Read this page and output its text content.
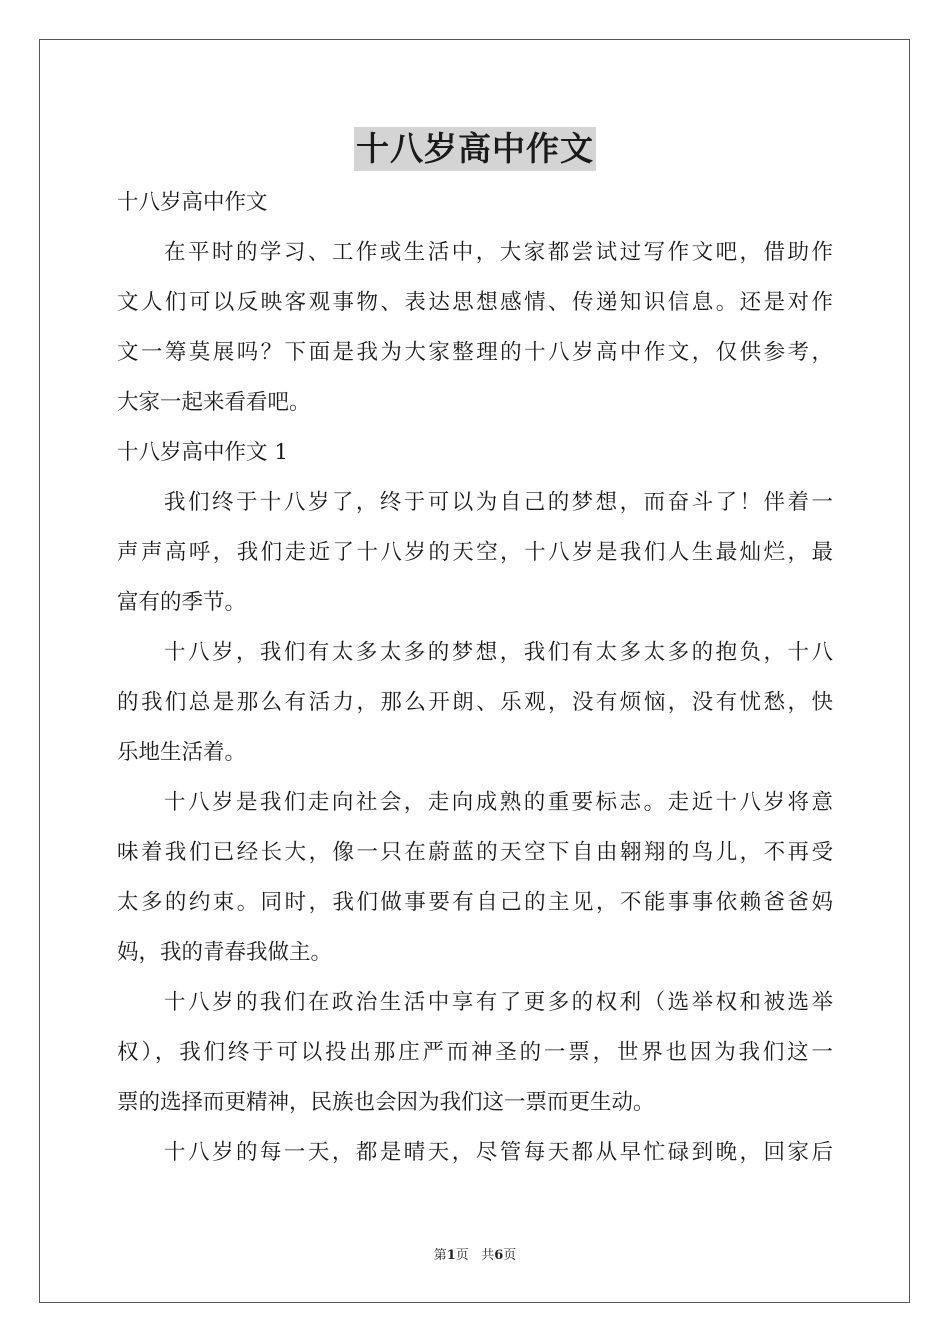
十八岁高中作文
十八岁高中作文
在平时的学习、工作或生活中，大家都尝试过写作文吧，借助作
文人们可以反映客观事物、表达思想感情、传递知识信息。还是对作
文一筹莫展吗？下面是我为大家整理的十八岁高中作文，仅供参考，
大家一起来看看吧。
十八岁高中作文 1
我们终于十八岁了，终于可以为自己的梦想，而奋斗了！伴着一
声声高呼，我们走近了十八岁的天空，十八岁是我们人生最灿烂，最
富有的季节。
十八岁，我们有太多太多的梦想，我们有太多太多的抱负，十八
的我们总是那么有活力，那么开朗、乐观，没有烦恼，没有忧愁，快
乐地生活着。
十八岁是我们走向社会，走向成熟的重要标志。走近十八岁将意
味着我们已经长大，像一只在蔚蓝的天空下自由翱翔的鸟儿，不再受
太多的约束。同时，我们做事要有自己的主见，不能事事依赖爸爸妈
妈，我的青春我做主。
十八岁的我们在政治生活中享有了更多的权利（选举权和被选举
权），我们终于可以投出那庄严而神圣的一票，世界也因为我们这一
票的选择而更精神，民族也会因为我们这一票而更生动。
十八岁的每一天，都是晴天，尽管每天都从早忙碌到晚，回家后
第1页 共6页
